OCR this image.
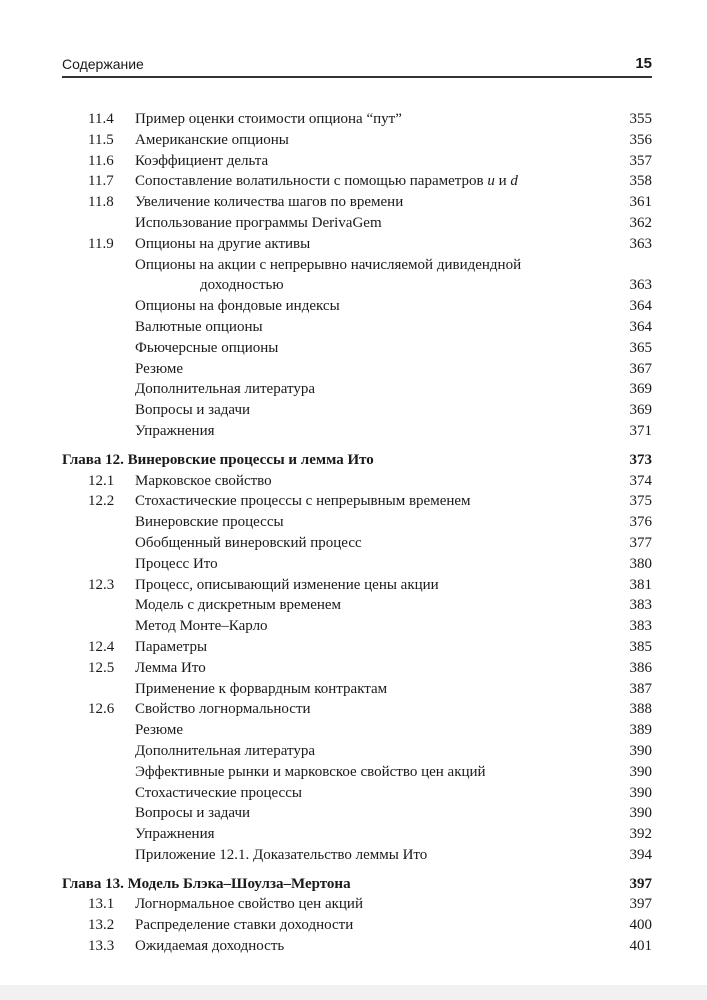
Содержание	15
11.4 Пример оценки стоимости опциона “пут”	355
11.5 Американские опционы	356
11.6 Коэффициент дельта	357
11.7 Сопоставление волатильности с помощью параметров u и d	358
11.8 Увеличение количества шагов по времени	361
Использование программы DerivaGem	362
11.9 Опционы на другие активы	363
Опционы на акции с непрерывно начисляемой дивидендной
доходностью	363
Опционы на фондовые индексы	364
Валютные опционы	364
Фьючерсные опционы	365
Резюме	367
Дополнительная литература	369
Вопросы и задачи	369
Упражнения	371
Глава 12. Винеровские процессы и лемма Ито	373
12.1 Марковское свойство	374
12.2 Стохастические процессы с непрерывным временем	375
Винеровские процессы	376
Обобщенный винеровский процесс	377
Процесс Ито	380
12.3 Процесс, описывающий изменение цены акции	381
Модель с дискретным временем	383
Метод Монте–Карло	383
12.4 Параметры	385
12.5 Лемма Ито	386
Применение к форвардным контрактам	387
12.6 Свойство логнормальности	388
Резюме	389
Дополнительная литература	390
Эффективные рынки и марковское свойство цен акций	390
Стохастические процессы	390
Вопросы и задачи	390
Упражнения	392
Приложение 12.1. Доказательство леммы Ито	394
Глава 13. Модель Блэка–Шоулза–Мертона	397
13.1 Логнормальное свойство цен акций	397
13.2 Распределение ставки доходности	400
13.3 Ожидаемая доходность	401
